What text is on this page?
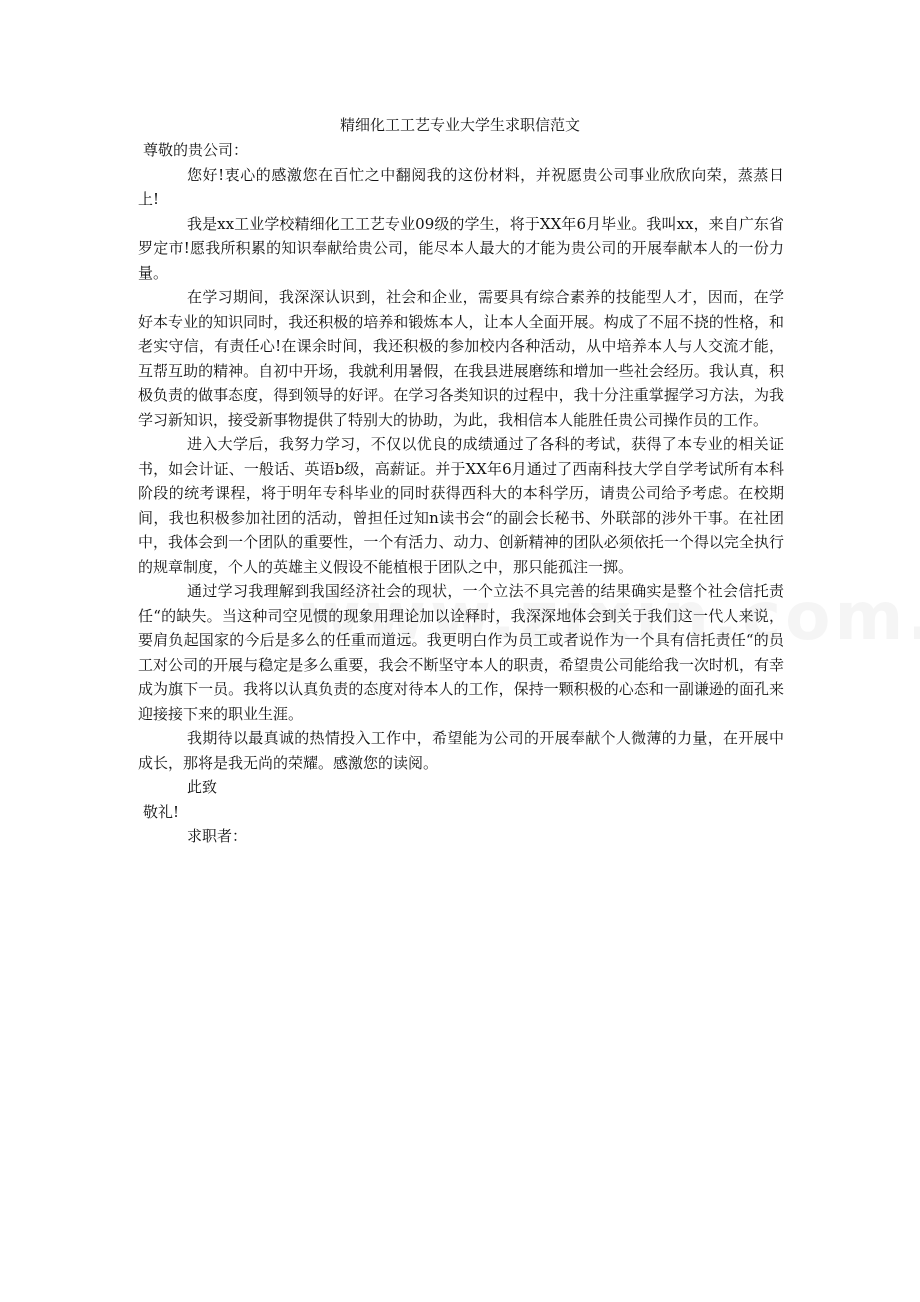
精细化工工艺专业大学生求职信范文

尊敬的贵公司：

您好!衷心的感激您在百忙之中翻阅我的这份材料，并祝愿贵公司事业欣欣向荣，蒸蒸日上!

我是xx工业学校精细化工工艺专业09级的学生，将于XX年6月毕业。我叫xx，来自广东省罗定市!愿我所积累的知识奉献给贵公司，能尽本人最大的才能为贵公司的开展奉献本人的一份力量。

在学习期间，我深深认识到，社会和企业，需要具有综合素养的技能型人才，因而，在学好本专业的知识同时，我还积极的培养和锻炼本人，让本人全面开展。构成了不屈不挠的性格，和老实守信，有责任心!在课余时间，我还积极的参加校内各种活动，从中培养本人与人交流才能，互帮互助的精神。自初中开场，我就利用暑假，在我县进展磨练和增加一些社会经历。我认真，积极负责的做事态度，得到领导的好评。在学习各类知识的过程中，我十分注重掌握学习方法，为我学习新知识，接受新事物提供了特别大的协助，为此，我相信本人能胜任贵公司操作员的工作。

进入大学后，我努力学习，不仅以优良的成绩通过了各科的考试，获得了本专业的相关证书，如会计证、一般话、英语b级，高薪证。并于XX年6月通过了西南科技大学自学考试所有本科阶段的统考课程，将于明年专科毕业的同时获得西科大的本科学历，请贵公司给予考虑。在校期间，我也积极参加社团的活动，曾担任过知n读书会“的副会长秘书、外联部的涉外干事。在社团中，我体会到一个团队的重要性，一个有活力、动力、创新精神的团队必须依托一个得以完全执行的规章制度，个人的英雄主义假设不能植根于团队之中，那只能孤注一掷。

通过学习我理解到我国经济社会的现状，一个立法不具完善的结果确实是整个社会信托责任“的缺失。当这种司空见惯的现象用理论加以诠释时，我深深地体会到关于我们这一代人来说，要肩负起国家的今后是多么的任重而道远。我更明白作为员工或者说作为一个具有信托责任“的员工对公司的开展与稳定是多么重要，我会不断坚守本人的职责，希望贵公司能给我一次时机，有幸成为旗下一员。我将以认真负责的态度对待本人的工作，保持一颗积极的心态和一副谦逊的面孔来迎接接下来的职业生涯。

我期待以最真诚的热情投入工作中，希望能为公司的开展奉献个人微薄的力量，在开展中成长，那将是我无尚的荣耀。感激您的读阅。

此致

敬礼!

求职者：
